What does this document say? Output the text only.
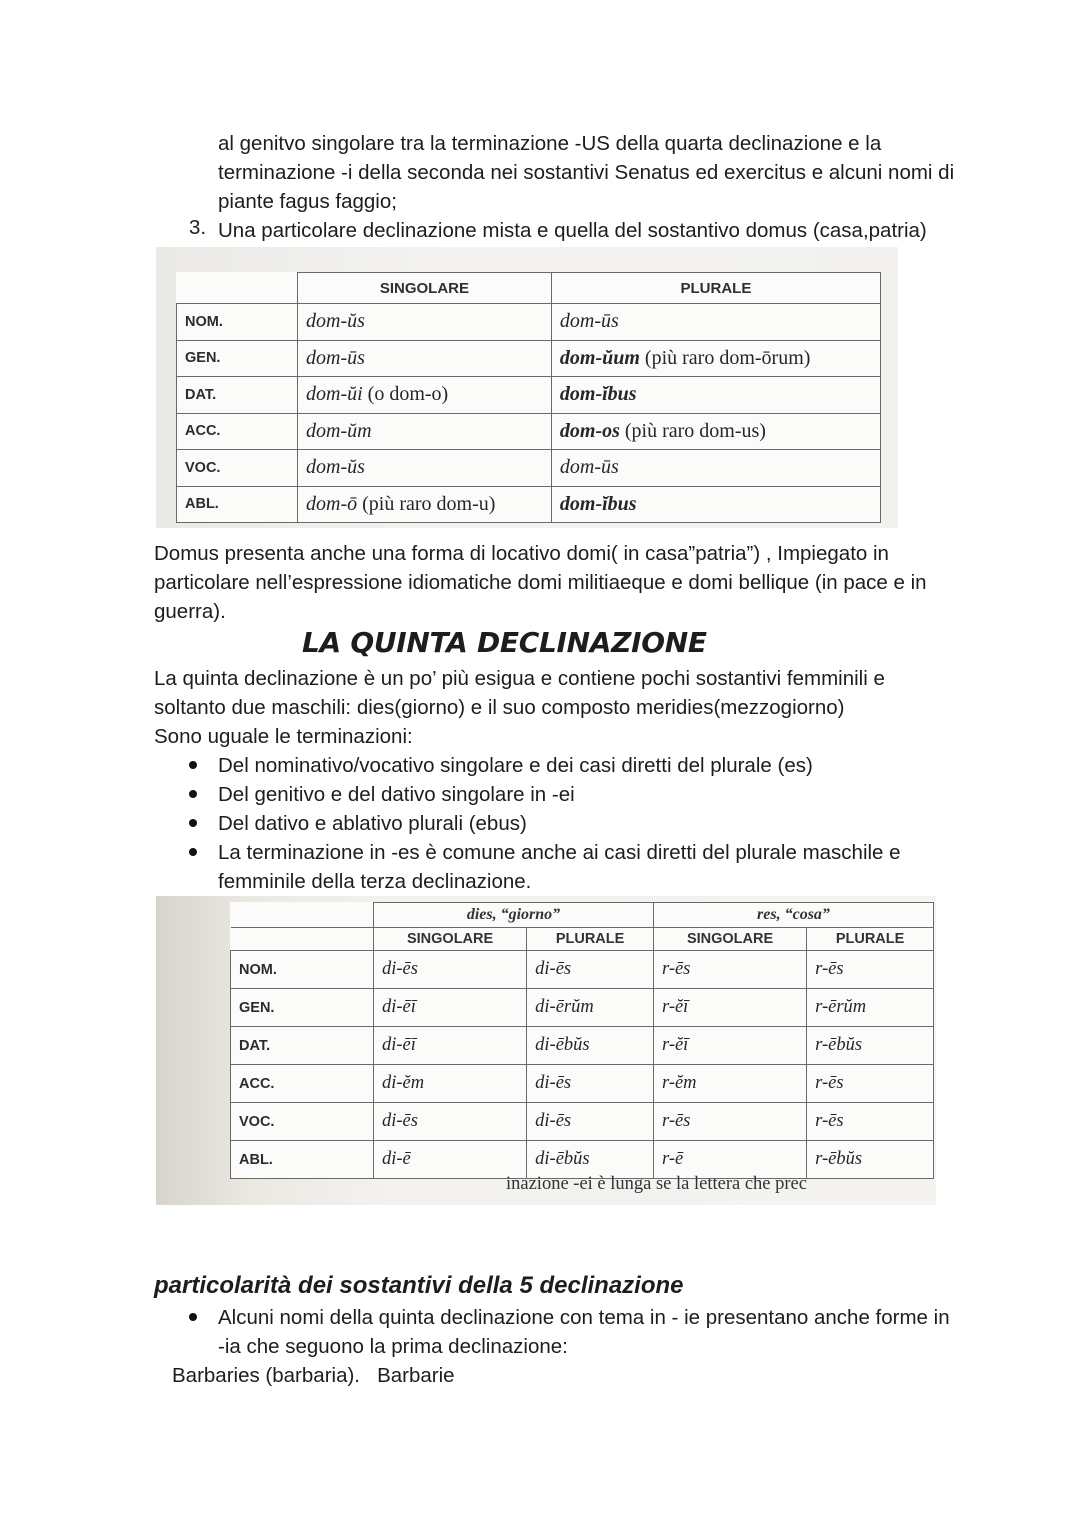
al genitvo singolare tra la terminazione -US della quarta declinazione e la

terminazione -i della seconda nei sostantivi Senatus ed exercitus e alcuni nomi di

piante fagus faggio;

3. Una particolare declinazione mista e quella del sostantivo domus (casa,patria)

	SINGOLARE	PLURALE
NOM.	dom-ŭs	dom-ūs
GEN.	dom-ūs	dom-ŭum (più raro dom-ōrum)
DAT.	dom-ŭi (o dom-o)	dom-ĭbus
ACC.	dom-ŭm	dom-os (più raro dom-us)
VOC.	dom-ŭs	dom-ūs
ABL.	dom-ō (più raro dom-u)	dom-ĭbus

Domus presenta anche una forma di locativo domi( in casa”patria”) , Impiegato in

particolare nell’espressione idiomatiche domi militiaeque e domi bellique (in pace e in

guerra).

LA QUINTA DECLINAZIONE

La quinta declinazione è un po’ più esigua e contiene pochi sostantivi femminili e

soltanto due maschili: dies(giorno) e il suo composto meridies(mezzogiorno)

Sono uguale le terminazioni:

Del nominativo/vocativo singolare e dei casi diretti del plurale (es)

Del genitivo e del dativo singolare in -ei

Del dativo e ablativo plurali (ebus)

La terminazione in -es è comune anche ai casi diretti del plurale maschile e

femminile della terza declinazione.

	dies, “giorno”		res, “cosa”	
	SINGOLARE	PLURALE	SINGOLARE	PLURALE
NOM.	di-ēs	di-ēs	r-ēs	r-ēs
GEN.	di-ēī	di-ērŭm	r-ĕī	r-ērŭm
DAT.	di-ēī	di-ēbŭs	r-ĕī	r-ēbŭs
ACC.	di-ĕm	di-ēs	r-ĕm	r-ēs
VOC.	di-ēs	di-ēs	r-ēs	r-ēs
ABL.	di-ē	di-ēbŭs	r-ē	r-ēbŭs
inazione -ei è lunga se la lettera che prec
particolarità dei sostantivi della 5 declinazione

Alcuni nomi della quinta declinazione con tema in - ie presentano anche forme in

-ia che seguono la prima declinazione:

Barbaries (barbaria).   Barbarie
